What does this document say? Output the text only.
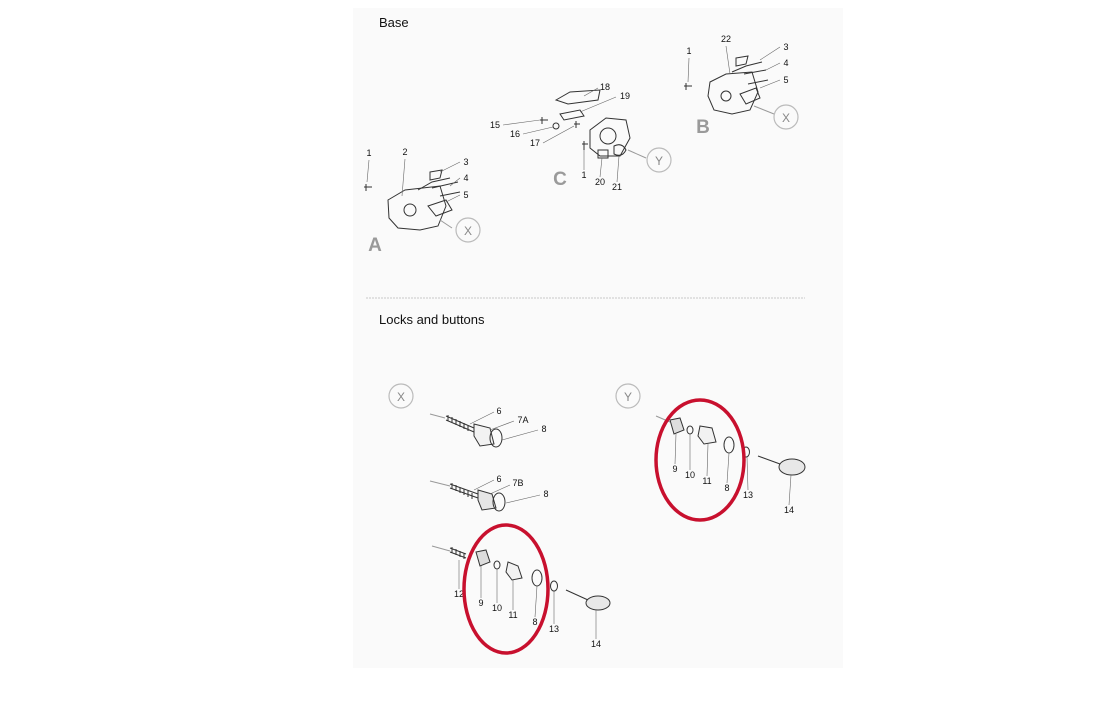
Base
Locks and buttons
X
A
1	2
3
4
5
X
B
1
22
3
4
5
Y
C
18
19
15
16
17
1
20 21
X
6
7A
8
6 7B
8
12
9 10
11
8
13
14
Y
9
10
11
8
13
14
